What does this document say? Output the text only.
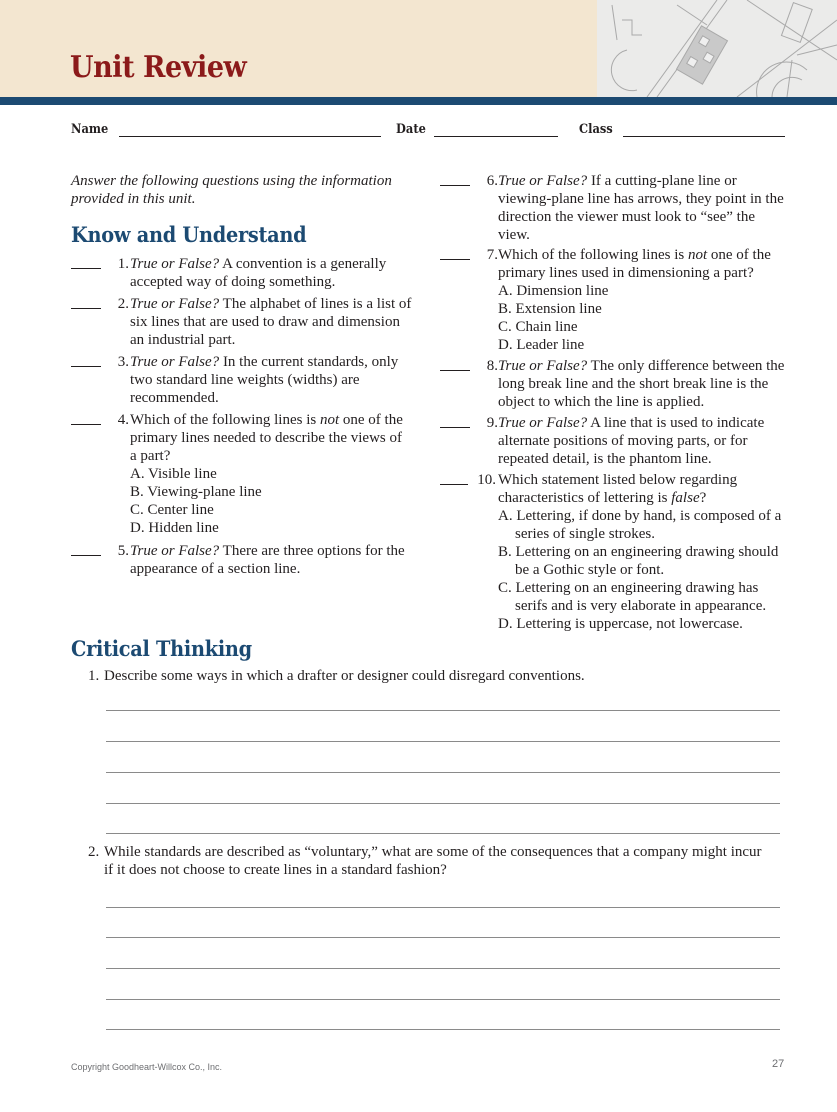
Unit Review
Name	Date	Class
Answer the following questions using the information provided in this unit.
Know and Understand
1. True or False? A convention is a generally accepted way of doing something.
2. True or False? The alphabet of lines is a list of six lines that are used to draw and dimension an industrial part.
3. True or False? In the current standards, only two standard line weights (widths) are recommended.
4. Which of the following lines is not one of the primary lines needed to describe the views of a part?
A. Visible line
B. Viewing-plane line
C. Center line
D. Hidden line
5. True or False? There are three options for the appearance of a section line.
6. True or False? If a cutting-plane line or viewing-plane line has arrows, they point in the direction the viewer must look to “see” the view.
7. Which of the following lines is not one of the primary lines used in dimensioning a part?
A. Dimension line
B. Extension line
C. Chain line
D. Leader line
8. True or False? The only difference between the long break line and the short break line is the object to which the line is applied.
9. True or False? A line that is used to indicate alternate positions of moving parts, or for repeated detail, is the phantom line.
10. Which statement listed below regarding characteristics of lettering is false?
A. Lettering, if done by hand, is composed of a series of single strokes.
B. Lettering on an engineering drawing should be a Gothic style or font.
C. Lettering on an engineering drawing has serifs and is very elaborate in appearance.
D. Lettering is uppercase, not lowercase.
Critical Thinking
1. Describe some ways in which a drafter or designer could disregard conventions.
2. While standards are described as “voluntary,” what are some of the consequences that a company might incur if it does not choose to create lines in a standard fashion?
Copyright Goodheart-Willcox Co., Inc.	27
